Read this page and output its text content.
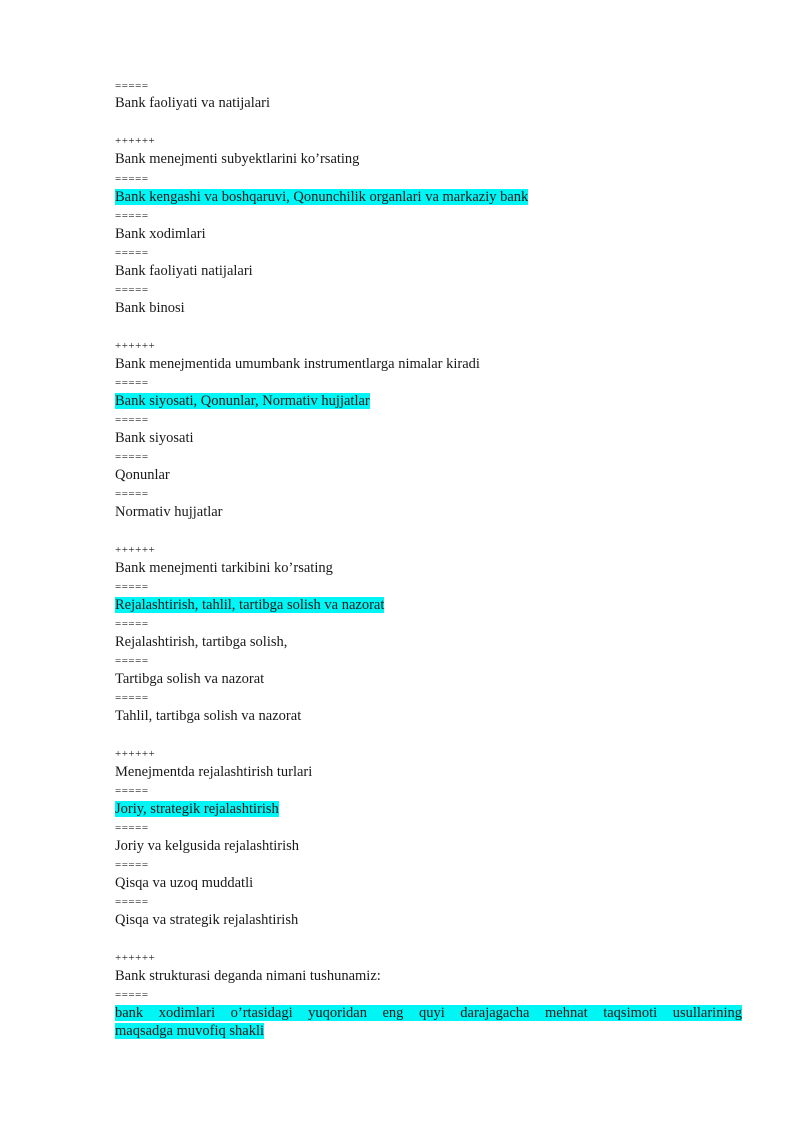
=====
Bank faoliyati va natijalari
++++++
Bank menejmenti subyektlarini ko’rsating
=====
Bank kengashi va boshqaruvi, Qonunchilik organlari va markaziy bank
=====
Bank xodimlari
=====
Bank faoliyati natijalari
=====
Bank binosi
++++++
Bank menejmentida umumbank instrumentlarga nimalar kiradi
=====
Bank siyosati, Qonunlar, Normativ hujjatlar
=====
Bank siyosati
=====
Qonunlar
=====
Normativ hujjatlar
++++++
Bank menejmenti tarkibini ko’rsating
=====
Rejalashtirish, tahlil, tartibga solish va nazorat
=====
Rejalashtirish, tartibga solish,
=====
Tartibga solish va nazorat
=====
Tahlil, tartibga solish va nazorat
++++++
Menejmentda rejalashtirish turlari
=====
Joriy, strategik rejalashtirish
=====
Joriy va kelgusida rejalashtirish
=====
Qisqa va uzoq muddatli
=====
Qisqa va strategik rejalashtirish
++++++
Bank strukturasi deganda nimani tushunamiz:
=====
bank xodimlari o’rtasidagi yuqoridan eng quyi darajagacha mehnat taqsimoti usullarining
maqsadga muvofiq shakli
